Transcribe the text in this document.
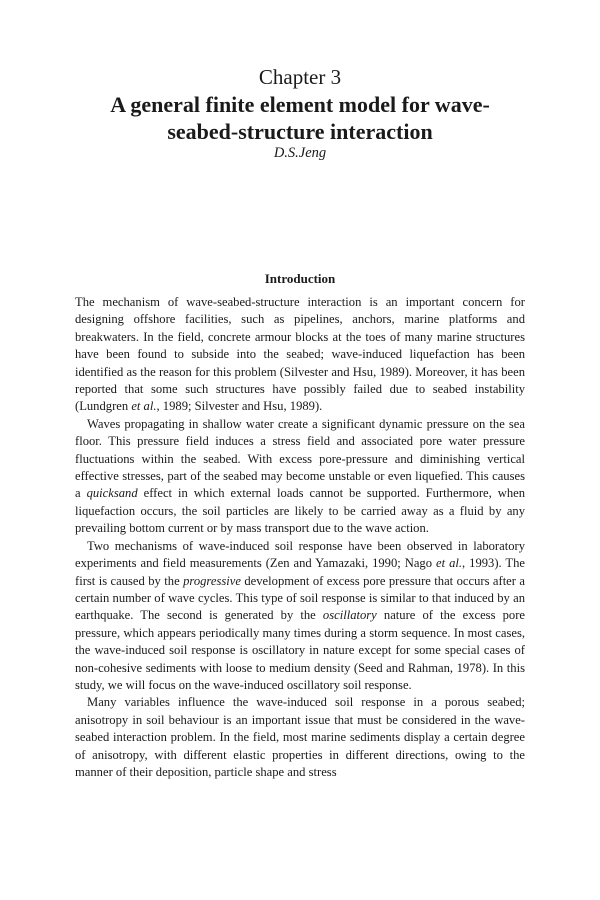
Chapter 3
A general finite element model for wave-seabed-structure interaction
D.S.Jeng
Introduction

The mechanism of wave-seabed-structure interaction is an important concern for designing offshore facilities, such as pipelines, anchors, marine platforms and breakwaters. In the field, concrete armour blocks at the toes of many marine structures have been found to subside into the seabed; wave-induced liquefaction has been identified as the reason for this problem (Silvester and Hsu, 1989). Moreover, it has been reported that some such structures have possibly failed due to seabed instability (Lundgren et al., 1989; Silvester and Hsu, 1989).

Waves propagating in shallow water create a significant dynamic pressure on the sea floor. This pressure field induces a stress field and associated pore water pressure fluctuations within the seabed. With excess pore-pressure and diminishing vertical effective stresses, part of the seabed may become unstable or even liquefied. This causes a quicksand effect in which external loads cannot be supported. Furthermore, when liquefaction occurs, the soil particles are likely to be carried away as a fluid by any prevailing bottom current or by mass transport due to the wave action.

Two mechanisms of wave-induced soil response have been observed in laboratory experiments and field measurements (Zen and Yamazaki, 1990; Nago et al., 1993). The first is caused by the progressive development of excess pore pressure that occurs after a certain number of wave cycles. This type of soil response is similar to that induced by an earthquake. The second is generated by the oscillatory nature of the excess pore pressure, which appears periodically many times during a storm sequence. In most cases, the wave-induced soil response is oscillatory in nature except for some special cases of non-cohesive sediments with loose to medium density (Seed and Rahman, 1978). In this study, we will focus on the wave-induced oscillatory soil response.

Many variables influence the wave-induced soil response in a porous seabed; anisotropy in soil behaviour is an important issue that must be considered in the wave-seabed interaction problem. In the field, most marine sediments display a certain degree of anisotropy, with different elastic properties in different directions, owing to the manner of their deposition, particle shape and stress
